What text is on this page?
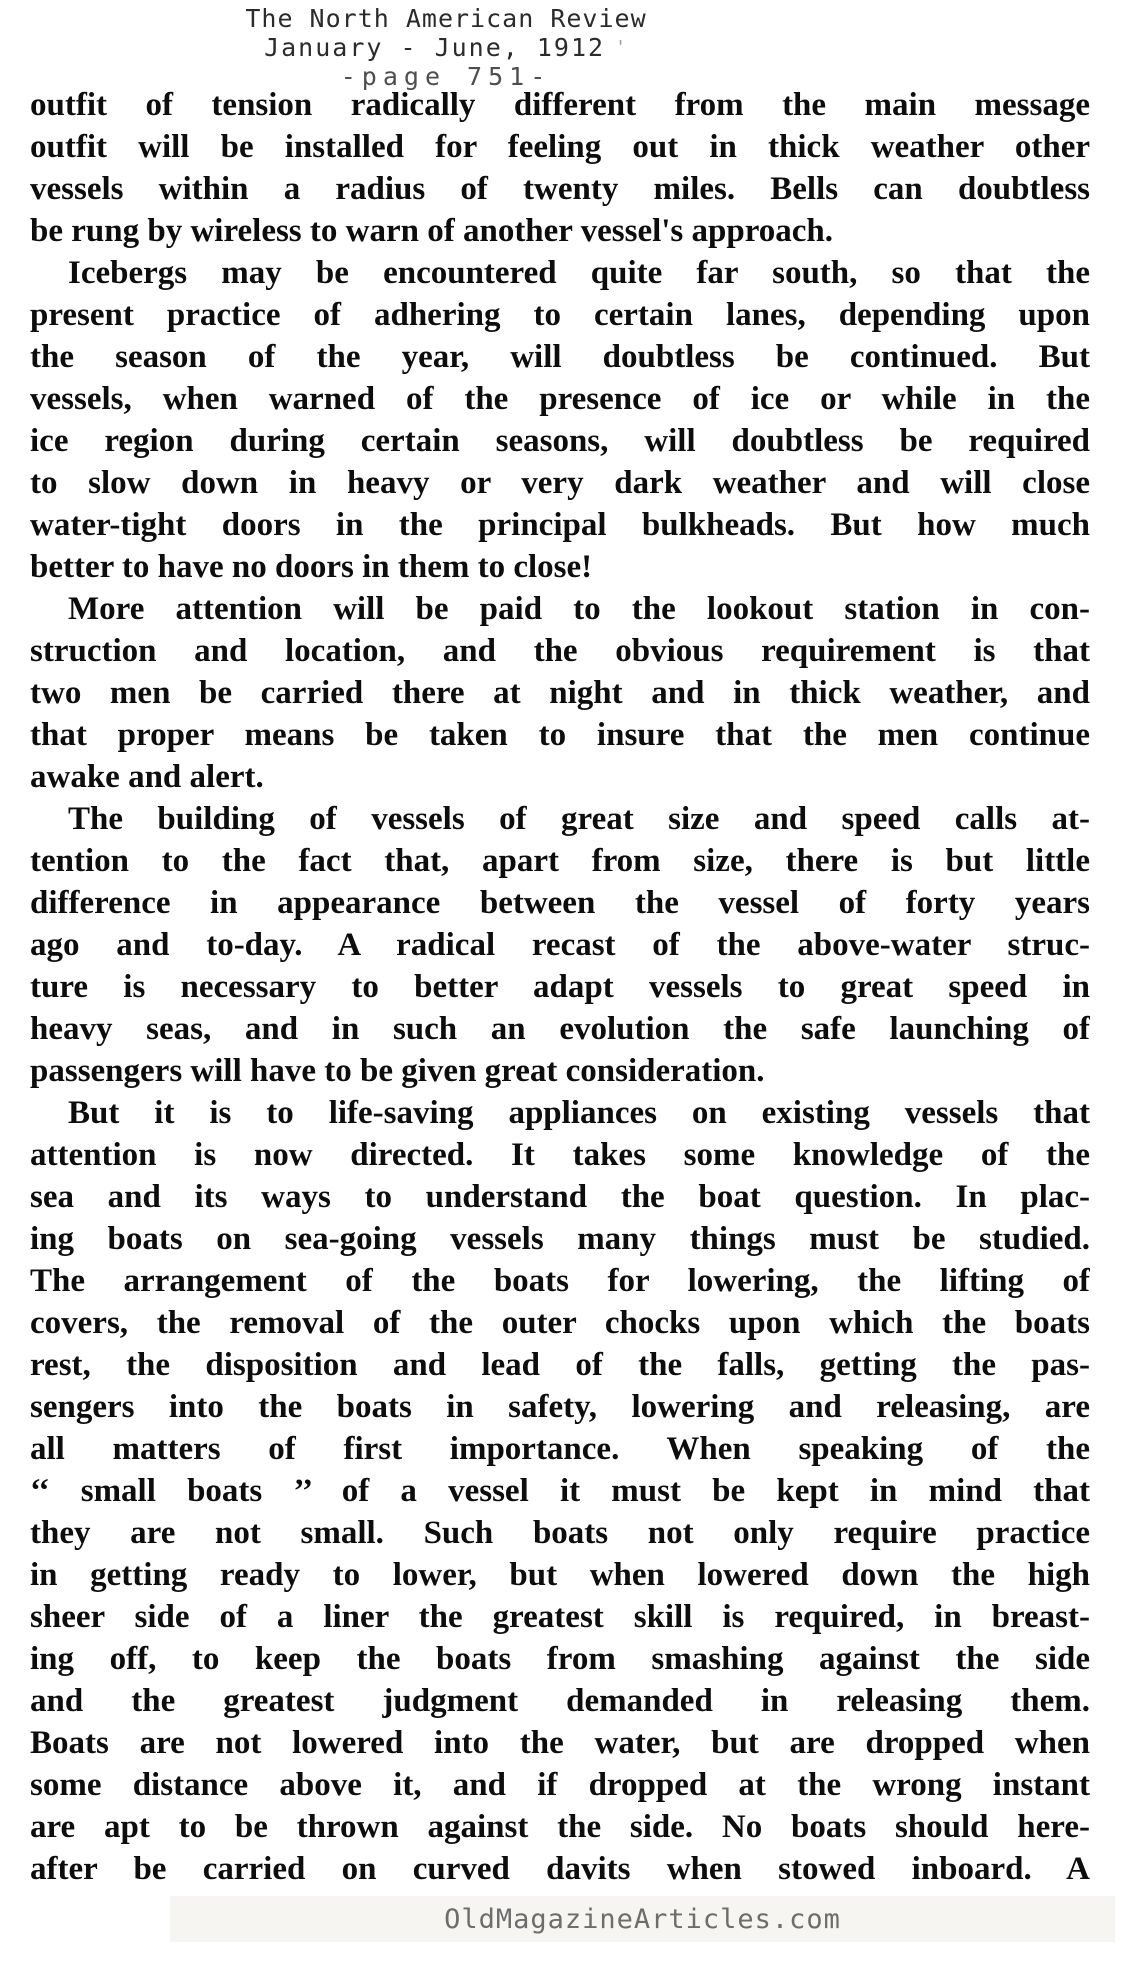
The North American Review
January - June, 1912 '
-page 751-
outfit of tension radically different from the main message
outfit will be installed for feeling out in thick weather other
vessels within a radius of twenty miles. Bells can doubtless
be rung by wireless to warn of another vessel's approach.
Icebergs may be encountered quite far south, so that the
present practice of adhering to certain lanes, depending upon
the season of the year, will doubtless be continued. But
vessels, when warned of the presence of ice or while in the
ice region during certain seasons, will doubtless be required
to slow down in heavy or very dark weather and will close
water-tight doors in the principal bulkheads. But how much
better to have no doors in them to close!
More attention will be paid to the lookout station in con-
struction and location, and the obvious requirement is that
two men be carried there at night and in thick weather, and
that proper means be taken to insure that the men continue
awake and alert.
The building of vessels of great size and speed calls at-
tention to the fact that, apart from size, there is but little
difference in appearance between the vessel of forty years
ago and to-day. A radical recast of the above-water struc-
ture is necessary to better adapt vessels to great speed in
heavy seas, and in such an evolution the safe launching of
passengers will have to be given great consideration.
But it is to life-saving appliances on existing vessels that
attention is now directed. It takes some knowledge of the
sea and its ways to understand the boat question. In plac-
ing boats on sea-going vessels many things must be studied.
The arrangement of the boats for lowering, the lifting of
covers, the removal of the outer chocks upon which the boats
rest, the disposition and lead of the falls, getting the pas-
sengers into the boats in safety, lowering and releasing, are
all matters of first importance. When speaking of the
‘‘ small boats ’’ of a vessel it must be kept in mind that
they are not small. Such boats not only require practice
in getting ready to lower, but when lowered down the high
sheer side of a liner the greatest skill is required, in breast-
ing off, to keep the boats from smashing against the side
and the greatest judgment demanded in releasing them.
Boats are not lowered into the water, but are dropped when
some distance above it, and if dropped at the wrong instant
are apt to be thrown against the side. No boats should here-
after be carried on curved davits when stowed inboard. A
OldMagazineArticles.com
